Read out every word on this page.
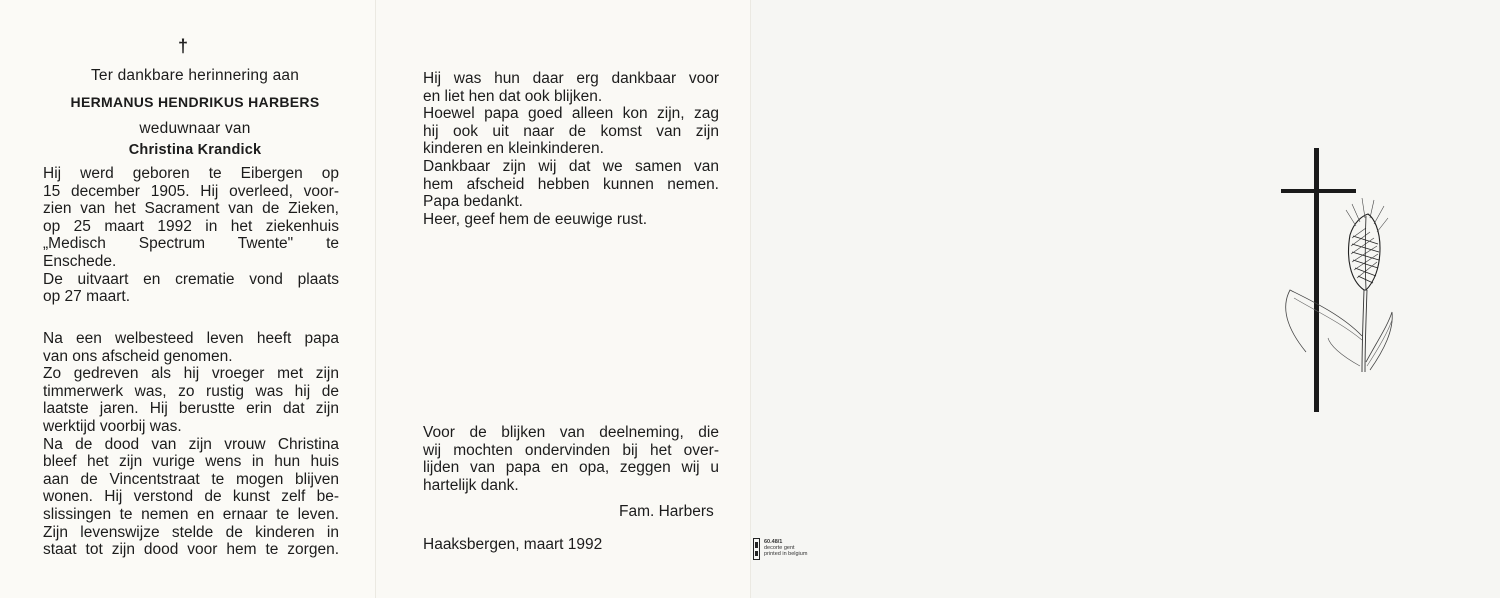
†
Ter dankbare herinnering aan
HERMANUS HENDRIKUS HARBERS
weduwnaar van
Christina Krandick
Hij werd geboren te Eibergen op
15 december 1905. Hij overleed, voor-
zien van het Sacrament van de Zieken,
op 25 maart 1992 in het ziekenhuis
„Medisch Spectrum Twente" te
Enschede.
De uitvaart en crematie vond plaats
op 27 maart.
Na een welbesteed leven heeft papa
van ons afscheid genomen.
Zo gedreven als hij vroeger met zijn
timmerwerk was, zo rustig was hij de
laatste jaren. Hij berustte erin dat zijn
werktijd voorbij was.
Na de dood van zijn vrouw Christina
bleef het zijn vurige wens in hun huis
aan de Vincentstraat te mogen blijven
wonen. Hij verstond de kunst zelf be-
slissingen te nemen en ernaar te leven.
Zijn levenswijze stelde de kinderen in
staat tot zijn dood voor hem te zorgen.
Hij was hun daar erg dankbaar voor
en liet hen dat ook blijken.
Hoewel papa goed alleen kon zijn, zag
hij ook uit naar de komst van zijn
kinderen en kleinkinderen.
Dankbaar zijn wij dat we samen van
hem afscheid hebben kunnen nemen.
Papa bedankt.
Heer, geef hem de eeuwige rust.
Voor de blijken van deelneming, die
wij mochten ondervinden bij het over-
lijden van papa en opa, zeggen wij u
hartelijk dank.
Fam. Harbers
Haaksbergen, maart 1992	60.48/1
decorte gent
printed in belgium
